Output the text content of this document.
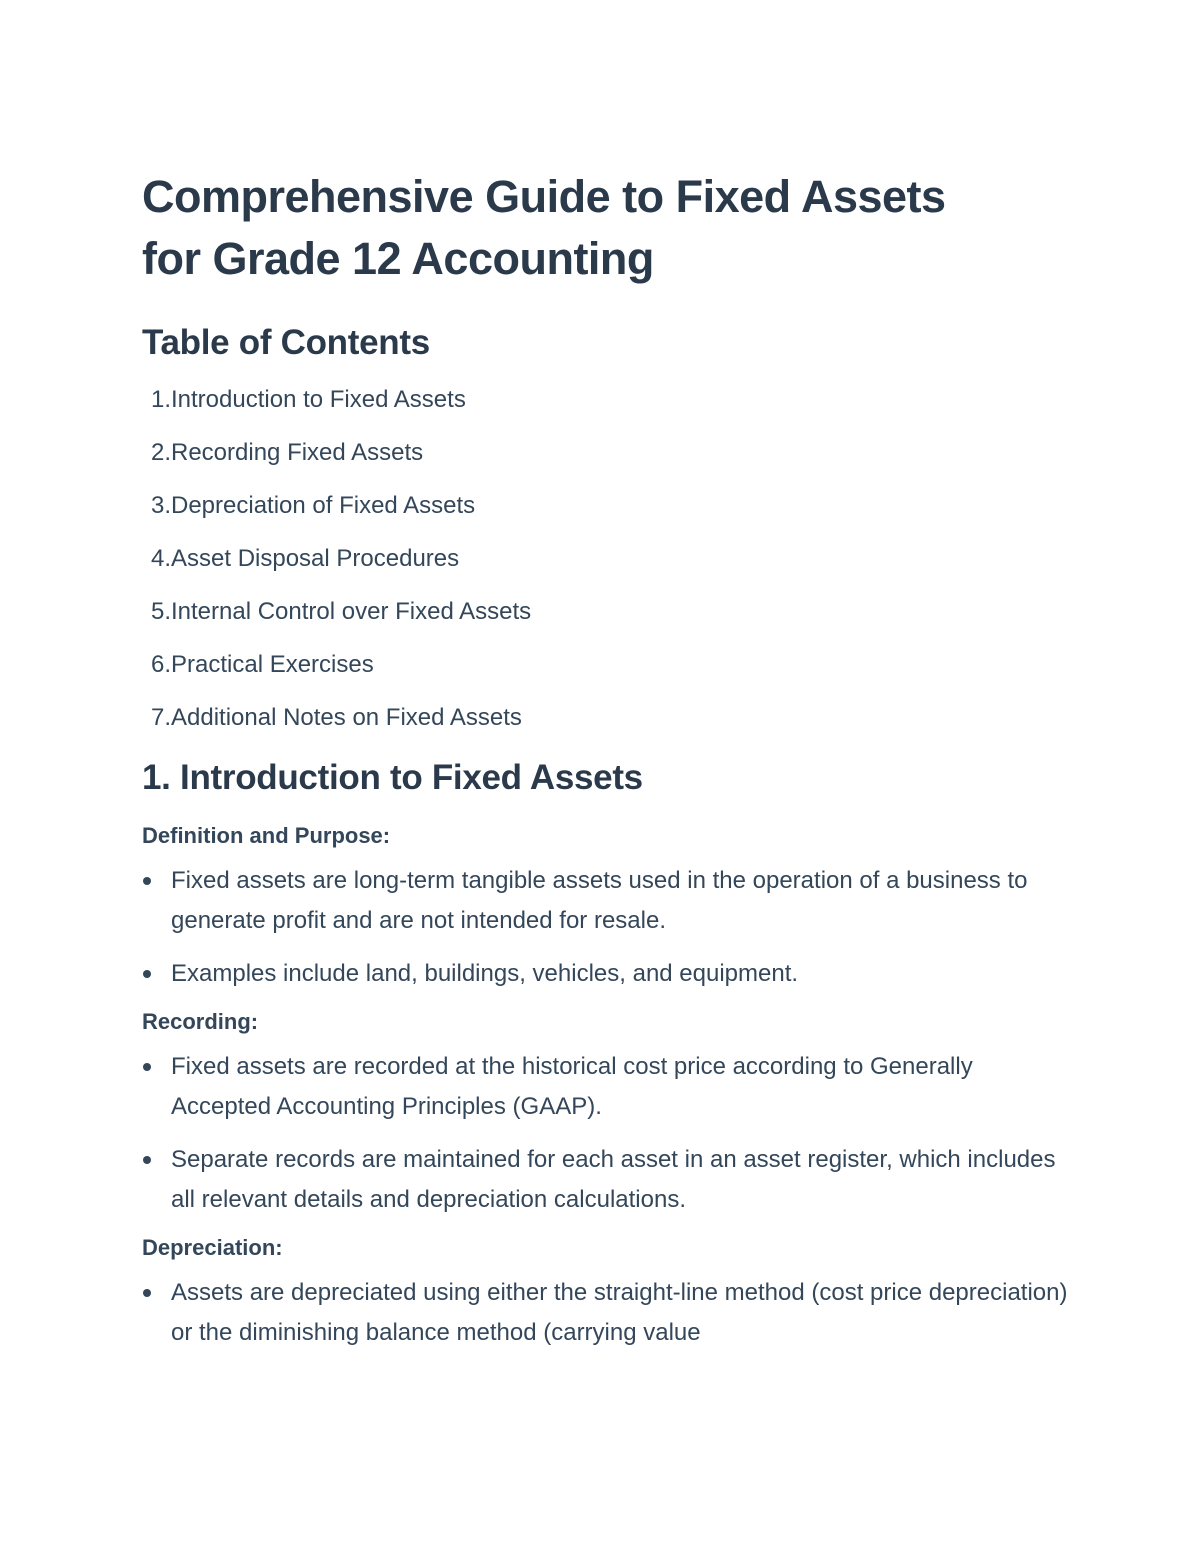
Comprehensive Guide to Fixed Assets
for Grade 12 Accounting
Table of Contents
1. Introduction to Fixed Assets
2. Recording Fixed Assets
3. Depreciation of Fixed Assets
4. Asset Disposal Procedures
5. Internal Control over Fixed Assets
6. Practical Exercises
7. Additional Notes on Fixed Assets
1. Introduction to Fixed Assets
Definition and Purpose:
Fixed assets are long-term tangible assets used in the operation of a business to generate profit and are not intended for resale.
Examples include land, buildings, vehicles, and equipment.
Recording:
Fixed assets are recorded at the historical cost price according to Generally Accepted Accounting Principles (GAAP).
Separate records are maintained for each asset in an asset register, which includes all relevant details and depreciation calculations.
Depreciation:
Assets are depreciated using either the straight-line method (cost price depreciation) or the diminishing balance method (carrying value
